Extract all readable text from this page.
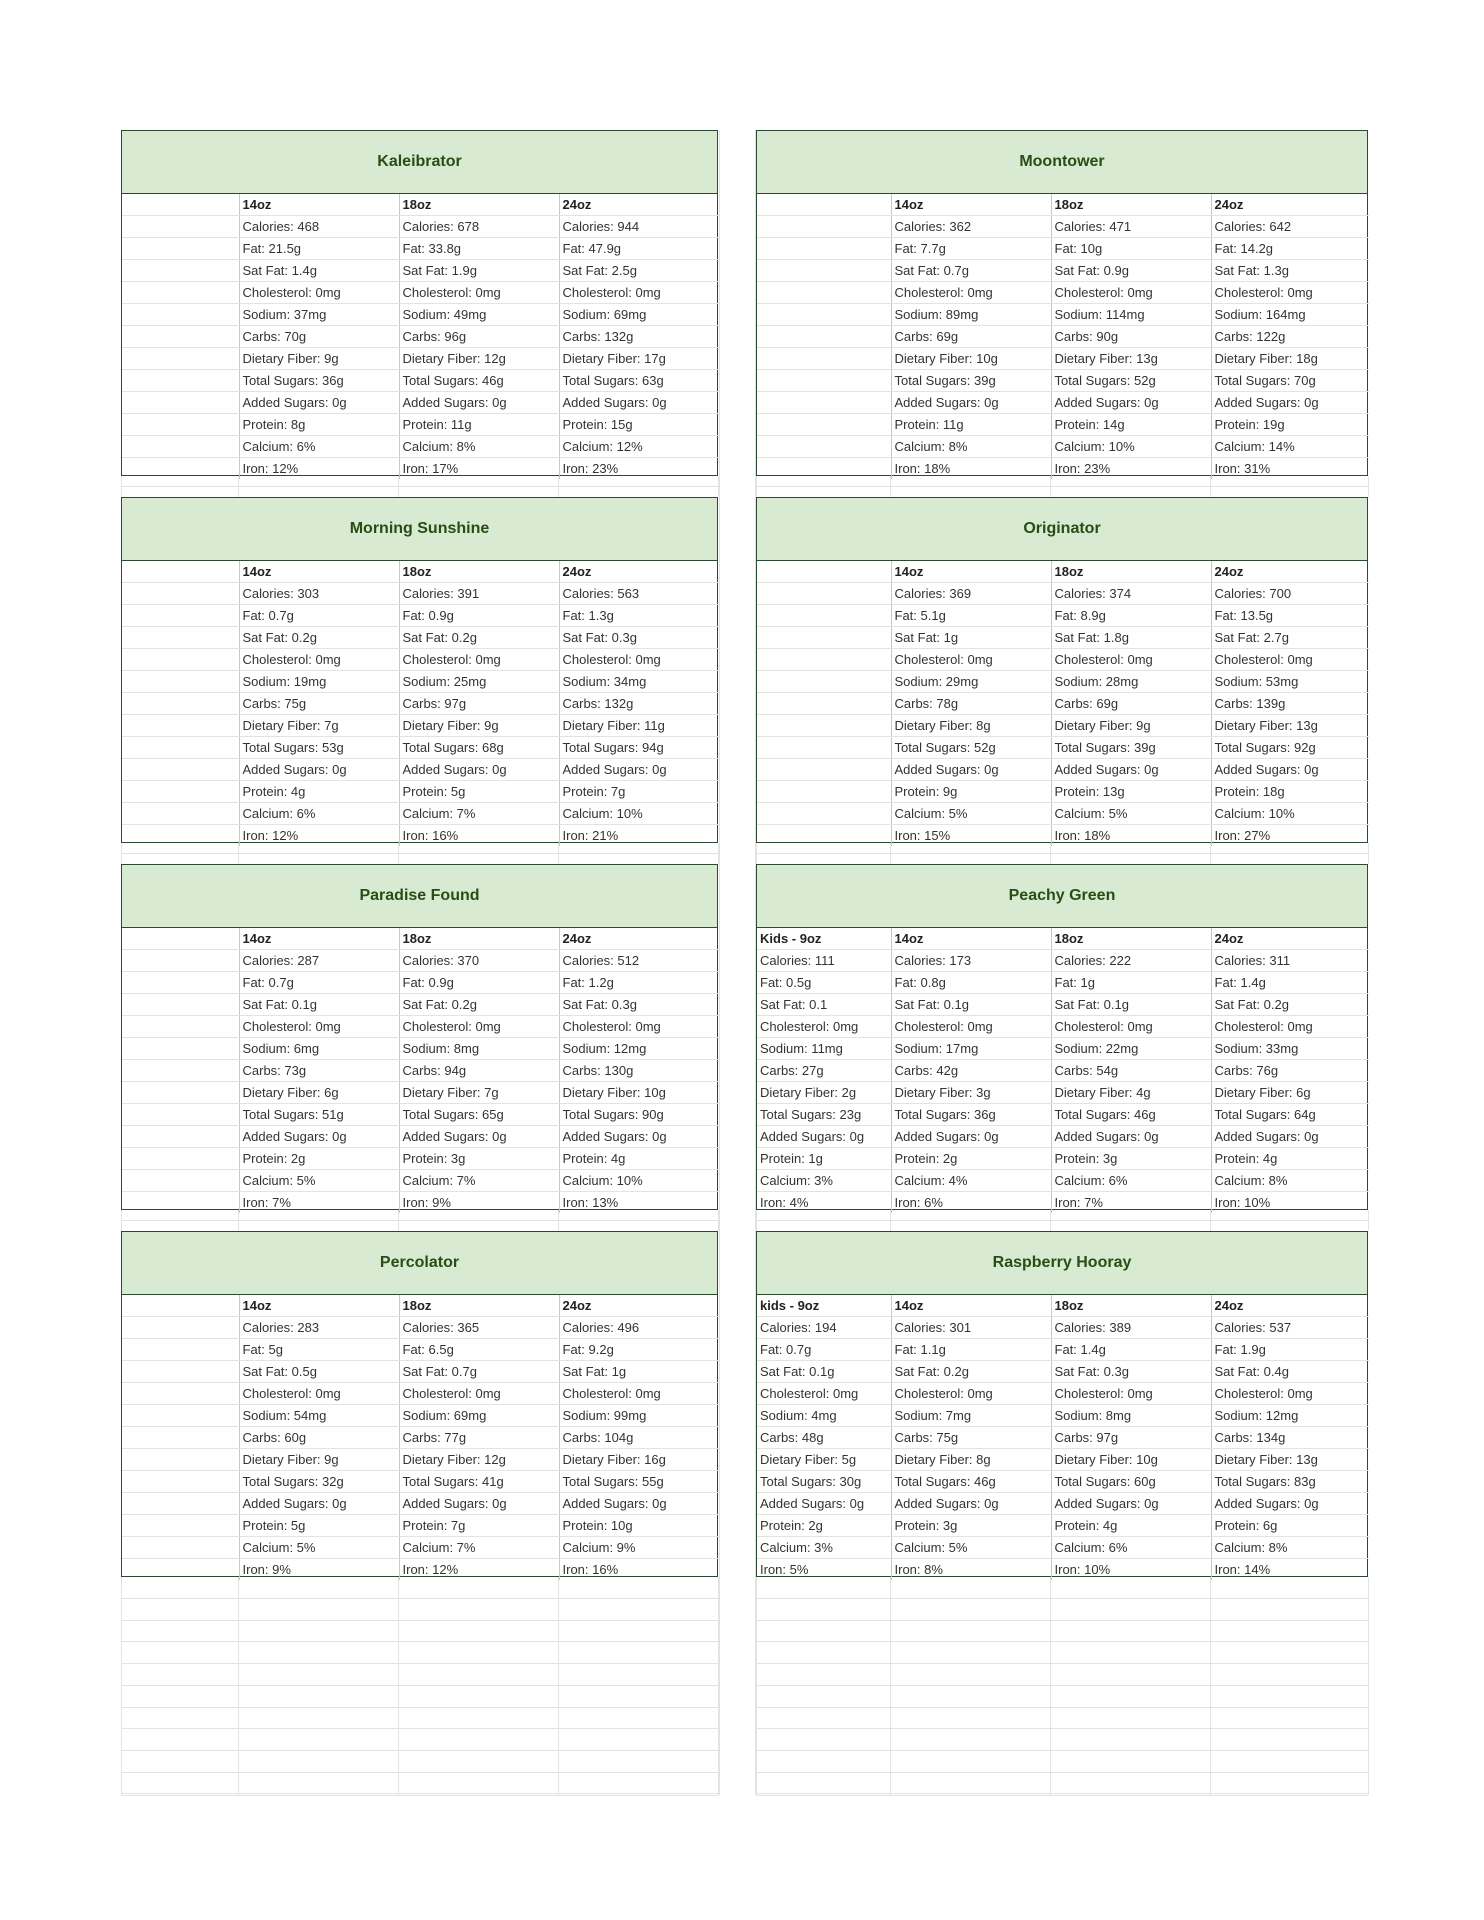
Kaleibrator
	14oz	18oz	24oz
	Calories: 468	Calories: 678	Calories: 944
	Fat: 21.5g	Fat: 33.8g	Fat: 47.9g
	Sat Fat: 1.4g	Sat Fat: 1.9g	Sat Fat: 2.5g
	Cholesterol: 0mg	Cholesterol: 0mg	Cholesterol: 0mg
	Sodium: 37mg	Sodium: 49mg	Sodium: 69mg
	Carbs: 70g	Carbs: 96g	Carbs: 132g
	Dietary Fiber: 9g	Dietary Fiber: 12g	Dietary Fiber: 17g
	Total Sugars: 36g	Total Sugars: 46g	Total Sugars: 63g
	Added Sugars: 0g	Added Sugars: 0g	Added Sugars: 0g
	Protein: 8g	Protein: 11g	Protein: 15g
	Calcium: 6%	Calcium: 8%	Calcium: 12%
	Iron: 12%	Iron: 17%	Iron: 23%
Moontower
	14oz	18oz	24oz
	Calories: 362	Calories: 471	Calories: 642
	Fat: 7.7g	Fat: 10g	Fat: 14.2g
	Sat Fat: 0.7g	Sat Fat: 0.9g	Sat Fat: 1.3g
	Cholesterol: 0mg	Cholesterol: 0mg	Cholesterol: 0mg
	Sodium: 89mg	Sodium: 114mg	Sodium: 164mg
	Carbs: 69g	Carbs: 90g	Carbs: 122g
	Dietary Fiber: 10g	Dietary Fiber: 13g	Dietary Fiber: 18g
	Total Sugars: 39g	Total Sugars: 52g	Total Sugars: 70g
	Added Sugars: 0g	Added Sugars: 0g	Added Sugars: 0g
	Protein: 11g	Protein: 14g	Protein: 19g
	Calcium: 8%	Calcium: 10%	Calcium: 14%
	Iron: 18%	Iron: 23%	Iron: 31%
Morning Sunshine
	14oz	18oz	24oz
	Calories: 303	Calories: 391	Calories: 563
	Fat: 0.7g	Fat: 0.9g	Fat: 1.3g
	Sat Fat: 0.2g	Sat Fat: 0.2g	Sat Fat: 0.3g
	Cholesterol: 0mg	Cholesterol: 0mg	Cholesterol: 0mg
	Sodium: 19mg	Sodium: 25mg	Sodium: 34mg
	Carbs: 75g	Carbs: 97g	Carbs: 132g
	Dietary Fiber: 7g	Dietary Fiber: 9g	Dietary Fiber: 11g
	Total Sugars: 53g	Total Sugars: 68g	Total Sugars: 94g
	Added Sugars: 0g	Added Sugars: 0g	Added Sugars: 0g
	Protein: 4g	Protein: 5g	Protein: 7g
	Calcium: 6%	Calcium: 7%	Calcium: 10%
	Iron: 12%	Iron: 16%	Iron: 21%
Originator
	14oz	18oz	24oz
	Calories: 369	Calories: 374	Calories: 700
	Fat: 5.1g	Fat: 8.9g	Fat: 13.5g
	Sat Fat: 1g	Sat Fat: 1.8g	Sat Fat: 2.7g
	Cholesterol: 0mg	Cholesterol: 0mg	Cholesterol: 0mg
	Sodium: 29mg	Sodium: 28mg	Sodium: 53mg
	Carbs: 78g	Carbs: 69g	Carbs: 139g
	Dietary Fiber: 8g	Dietary Fiber: 9g	Dietary Fiber: 13g
	Total Sugars: 52g	Total Sugars: 39g	Total Sugars: 92g
	Added Sugars: 0g	Added Sugars: 0g	Added Sugars: 0g
	Protein: 9g	Protein: 13g	Protein: 18g
	Calcium: 5%	Calcium: 5%	Calcium: 10%
	Iron: 15%	Iron: 18%	Iron: 27%
Paradise Found
	14oz	18oz	24oz
	Calories: 287	Calories: 370	Calories: 512
	Fat: 0.7g	Fat: 0.9g	Fat: 1.2g
	Sat Fat: 0.1g	Sat Fat: 0.2g	Sat Fat: 0.3g
	Cholesterol: 0mg	Cholesterol: 0mg	Cholesterol: 0mg
	Sodium: 6mg	Sodium: 8mg	Sodium: 12mg
	Carbs: 73g	Carbs: 94g	Carbs: 130g
	Dietary Fiber: 6g	Dietary Fiber: 7g	Dietary Fiber: 10g
	Total Sugars: 51g	Total Sugars: 65g	Total Sugars: 90g
	Added Sugars: 0g	Added Sugars: 0g	Added Sugars: 0g
	Protein: 2g	Protein: 3g	Protein: 4g
	Calcium: 5%	Calcium: 7%	Calcium: 10%
	Iron: 7%	Iron: 9%	Iron: 13%
Peachy Green
Kids - 9oz	14oz	18oz	24oz
Calories: 111	Calories: 173	Calories: 222	Calories: 311
Fat: 0.5g	Fat: 0.8g	Fat: 1g	Fat: 1.4g
Sat Fat: 0.1	Sat Fat: 0.1g	Sat Fat: 0.1g	Sat Fat: 0.2g
Cholesterol: 0mg	Cholesterol: 0mg	Cholesterol: 0mg	Cholesterol: 0mg
Sodium: 11mg	Sodium: 17mg	Sodium: 22mg	Sodium: 33mg
Carbs: 27g	Carbs: 42g	Carbs: 54g	Carbs: 76g
Dietary Fiber: 2g	Dietary Fiber: 3g	Dietary Fiber: 4g	Dietary Fiber: 6g
Total Sugars: 23g	Total Sugars: 36g	Total Sugars: 46g	Total Sugars: 64g
Added Sugars: 0g	Added Sugars: 0g	Added Sugars: 0g	Added Sugars: 0g
Protein: 1g	Protein: 2g	Protein: 3g	Protein: 4g
Calcium: 3%	Calcium: 4%	Calcium: 6%	Calcium: 8%
Iron: 4%	Iron: 6%	Iron: 7%	Iron: 10%
Percolator
	14oz	18oz	24oz
	Calories: 283	Calories: 365	Calories: 496
	Fat: 5g	Fat: 6.5g	Fat: 9.2g
	Sat Fat: 0.5g	Sat Fat: 0.7g	Sat Fat: 1g
	Cholesterol: 0mg	Cholesterol: 0mg	Cholesterol: 0mg
	Sodium: 54mg	Sodium: 69mg	Sodium: 99mg
	Carbs: 60g	Carbs: 77g	Carbs: 104g
	Dietary Fiber: 9g	Dietary Fiber: 12g	Dietary Fiber: 16g
	Total Sugars: 32g	Total Sugars: 41g	Total Sugars: 55g
	Added Sugars: 0g	Added Sugars: 0g	Added Sugars: 0g
	Protein: 5g	Protein: 7g	Protein: 10g
	Calcium: 5%	Calcium: 7%	Calcium: 9%
	Iron: 9%	Iron: 12%	Iron: 16%
Raspberry Hooray
kids - 9oz	14oz	18oz	24oz
Calories: 194	Calories: 301	Calories: 389	Calories: 537
Fat: 0.7g	Fat: 1.1g	Fat: 1.4g	Fat: 1.9g
Sat Fat: 0.1g	Sat Fat: 0.2g	Sat Fat: 0.3g	Sat Fat: 0.4g
Cholesterol: 0mg	Cholesterol: 0mg	Cholesterol: 0mg	Cholesterol: 0mg
Sodium: 4mg	Sodium: 7mg	Sodium: 8mg	Sodium: 12mg
Carbs: 48g	Carbs: 75g	Carbs: 97g	Carbs: 134g
Dietary Fiber: 5g	Dietary Fiber: 8g	Dietary Fiber: 10g	Dietary Fiber: 13g
Total Sugars: 30g	Total Sugars: 46g	Total Sugars: 60g	Total Sugars: 83g
Added Sugars: 0g	Added Sugars: 0g	Added Sugars: 0g	Added Sugars: 0g
Protein: 2g	Protein: 3g	Protein: 4g	Protein: 6g
Calcium: 3%	Calcium: 5%	Calcium: 6%	Calcium: 8%
Iron: 5%	Iron: 8%	Iron: 10%	Iron: 14%
